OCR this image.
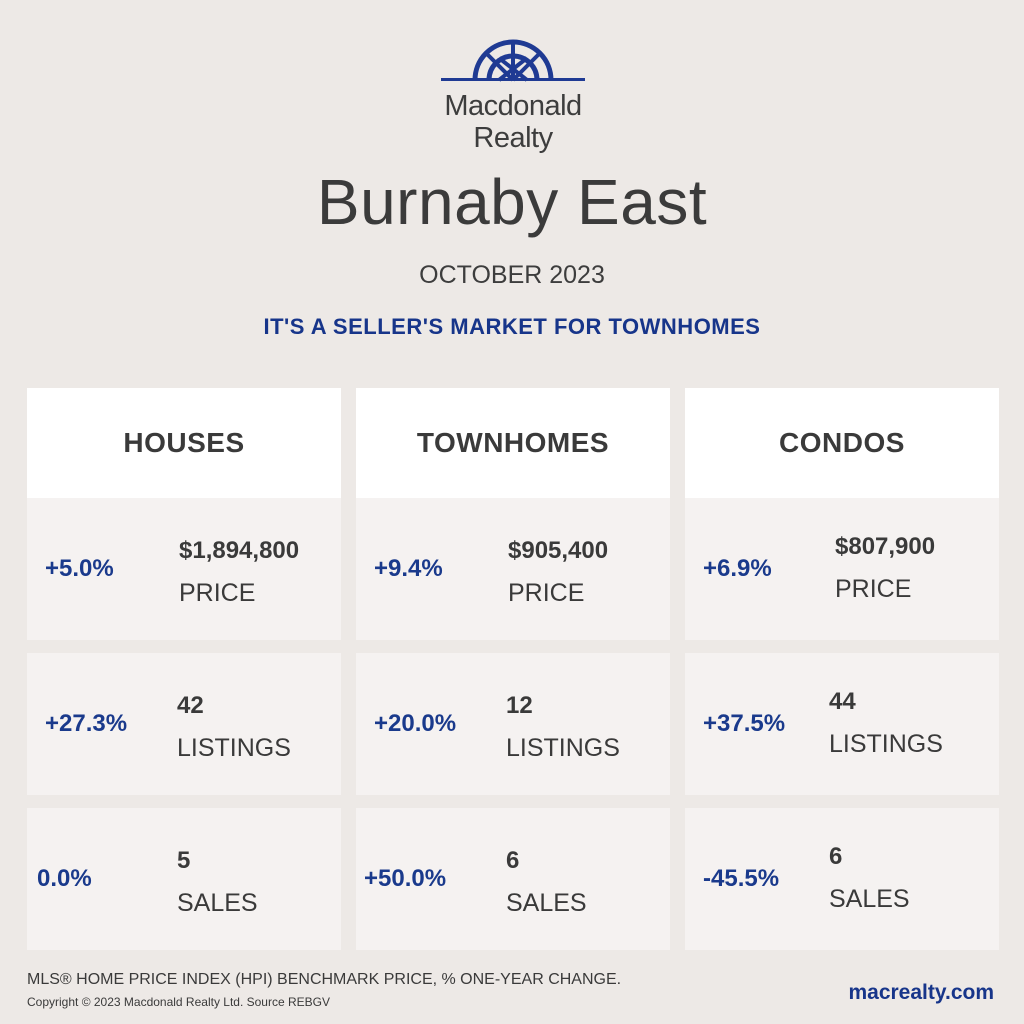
Macdonald
Realty
Burnaby East
OCTOBER 2023
IT'S A SELLER'S MARKET FOR TOWNHOMES
HOUSES
+5.0%
$1,894,800
PRICE
+27.3%
42
LISTINGS
0.0%
5
SALES
TOWNHOMES
+9.4%
$905,400
PRICE
+20.0%
12
LISTINGS
+50.0%
6
SALES
CONDOS
+6.9%
$807,900
PRICE
+37.5%
44
LISTINGS
-45.5%
6
SALES
MLS® HOME PRICE INDEX (HPI) BENCHMARK PRICE, % ONE-YEAR CHANGE.
Copyright © 2023 Macdonald Realty Ltd. Source REBGV	macrealty.com
